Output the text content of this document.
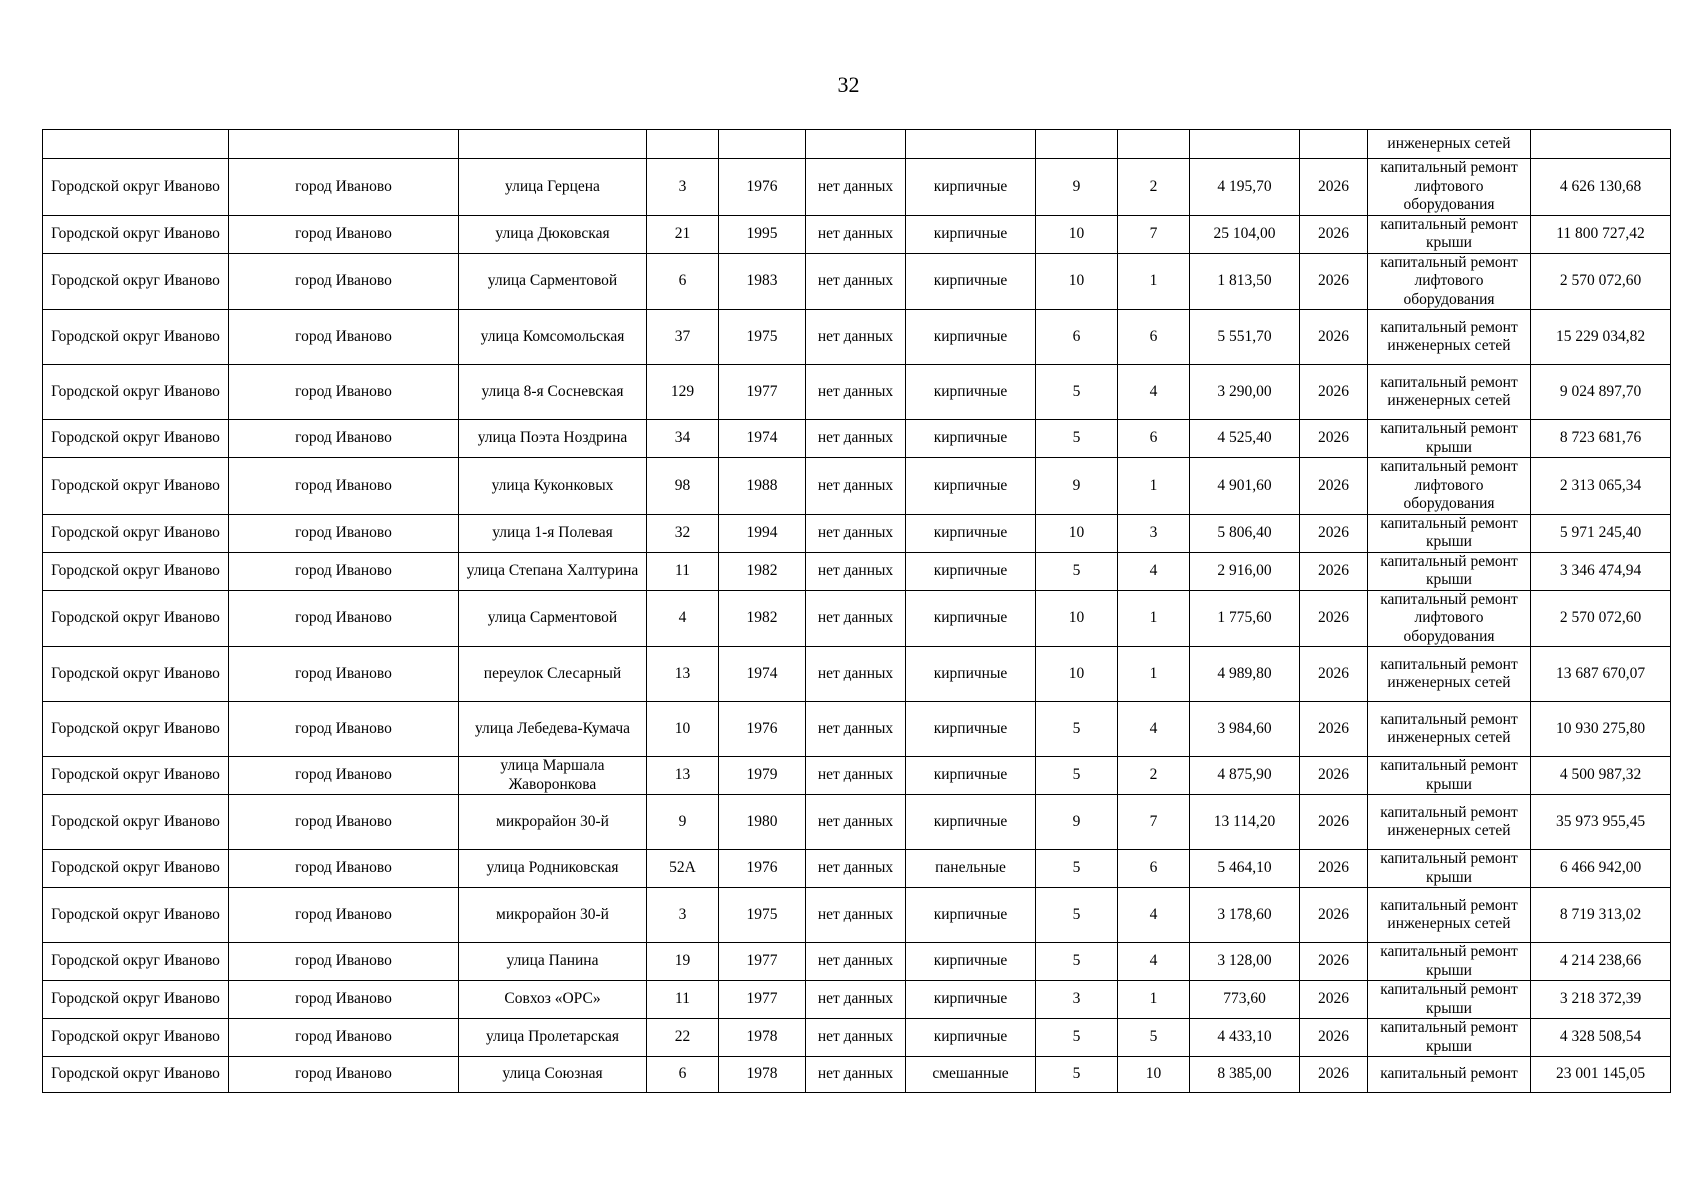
32
											инженерных сетей	
Городской округ Иваново	город Иваново	улица Герцена	3	1976	нет данных	кирпичные	9	2	4 195,70	2026	капитальный ремонт лифтового оборудования	4 626 130,68
Городской округ Иваново	город Иваново	улица Дюковская	21	1995	нет данных	кирпичные	10	7	25 104,00	2026	капитальный ремонт крыши	11 800 727,42
Городской округ Иваново	город Иваново	улица Сарментовой	6	1983	нет данных	кирпичные	10	1	1 813,50	2026	капитальный ремонт лифтового оборудования	2 570 072,60
Городской округ Иваново	город Иваново	улица Комсомольская	37	1975	нет данных	кирпичные	6	6	5 551,70	2026	капитальный ремонт инженерных сетей	15 229 034,82
Городской округ Иваново	город Иваново	улица 8-я Сосневская	129	1977	нет данных	кирпичные	5	4	3 290,00	2026	капитальный ремонт инженерных сетей	9 024 897,70
Городской округ Иваново	город Иваново	улица Поэта Ноздрина	34	1974	нет данных	кирпичные	5	6	4 525,40	2026	капитальный ремонт крыши	8 723 681,76
Городской округ Иваново	город Иваново	улица Куконковых	98	1988	нет данных	кирпичные	9	1	4 901,60	2026	капитальный ремонт лифтового оборудования	2 313 065,34
Городской округ Иваново	город Иваново	улица 1-я Полевая	32	1994	нет данных	кирпичные	10	3	5 806,40	2026	капитальный ремонт крыши	5 971 245,40
Городской округ Иваново	город Иваново	улица Степана Халтурина	11	1982	нет данных	кирпичные	5	4	2 916,00	2026	капитальный ремонт крыши	3 346 474,94
Городской округ Иваново	город Иваново	улица Сарментовой	4	1982	нет данных	кирпичные	10	1	1 775,60	2026	капитальный ремонт лифтового оборудования	2 570 072,60
Городской округ Иваново	город Иваново	переулок Слесарный	13	1974	нет данных	кирпичные	10	1	4 989,80	2026	капитальный ремонт инженерных сетей	13 687 670,07
Городской округ Иваново	город Иваново	улица Лебедева-Кумача	10	1976	нет данных	кирпичные	5	4	3 984,60	2026	капитальный ремонт инженерных сетей	10 930 275,80
Городской округ Иваново	город Иваново	улица Маршала Жаворонкова	13	1979	нет данных	кирпичные	5	2	4 875,90	2026	капитальный ремонт крыши	4 500 987,32
Городской округ Иваново	город Иваново	микрорайон 30-й	9	1980	нет данных	кирпичные	9	7	13 114,20	2026	капитальный ремонт инженерных сетей	35 973 955,45
Городской округ Иваново	город Иваново	улица Родниковская	52А	1976	нет данных	панельные	5	6	5 464,10	2026	капитальный ремонт крыши	6 466 942,00
Городской округ Иваново	город Иваново	микрорайон 30-й	3	1975	нет данных	кирпичные	5	4	3 178,60	2026	капитальный ремонт инженерных сетей	8 719 313,02
Городской округ Иваново	город Иваново	улица Панина	19	1977	нет данных	кирпичные	5	4	3 128,00	2026	капитальный ремонт крыши	4 214 238,66
Городской округ Иваново	город Иваново	Совхоз «ОРС»	11	1977	нет данных	кирпичные	3	1	773,60	2026	капитальный ремонт крыши	3 218 372,39
Городской округ Иваново	город Иваново	улица Пролетарская	22	1978	нет данных	кирпичные	5	5	4 433,10	2026	капитальный ремонт крыши	4 328 508,54
Городской округ Иваново	город Иваново	улица Союзная	6	1978	нет данных	смешанные	5	10	8 385,00	2026	капитальный ремонт	23 001 145,05
